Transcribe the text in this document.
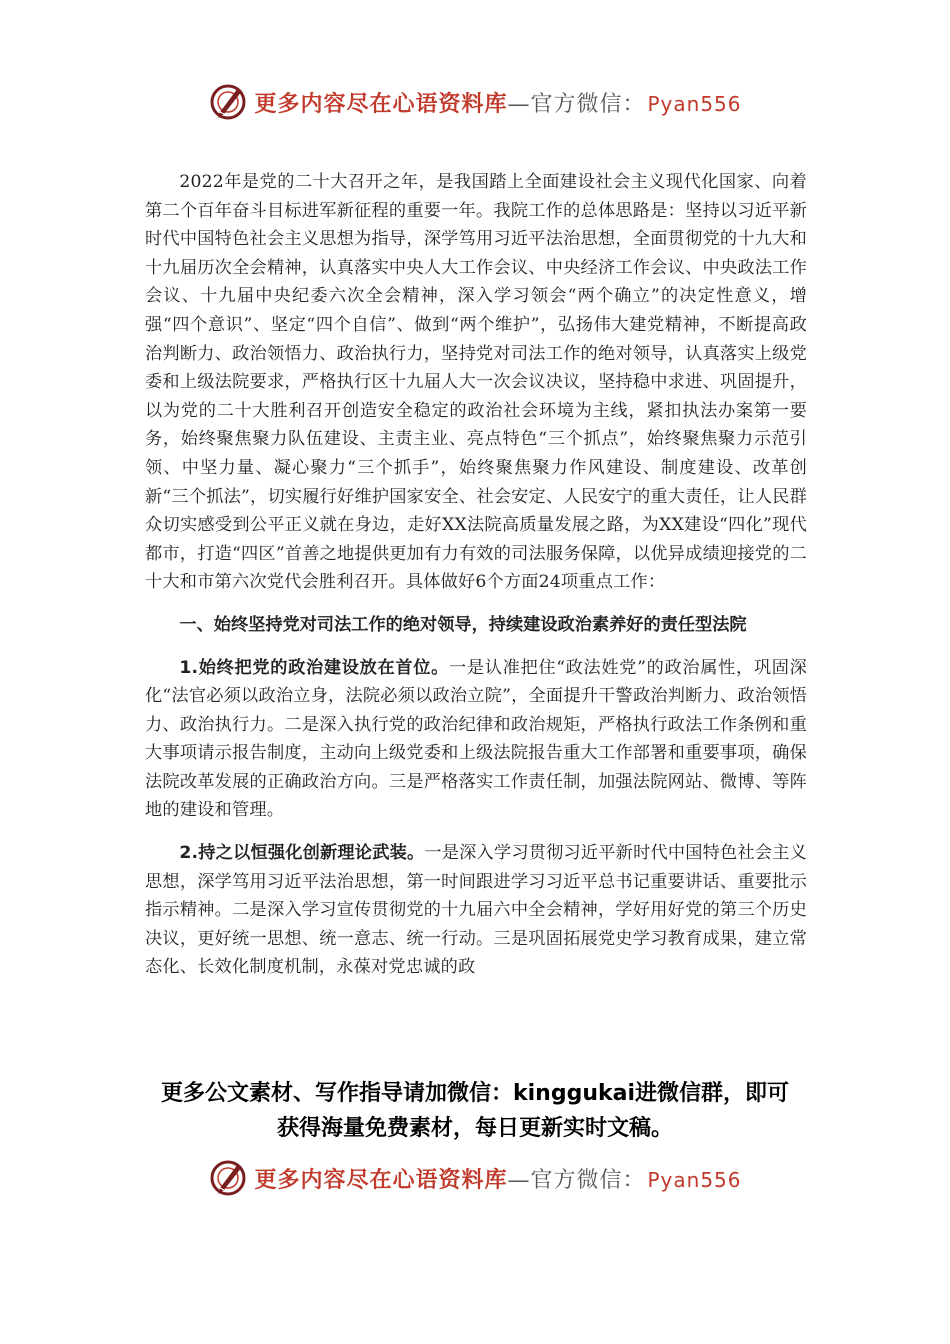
更多内容尽在心语资料库—官方微信： Pyan556

2022年是党的二十大召开之年，是我国踏上全面建设社会主义现代化国家、向着第二个百年奋斗目标进军新征程的重要一年。我院工作的总体思路是：坚持以习近平新时代中国特色社会主义思想为指导，深学笃用习近平法治思想，全面贯彻党的十九大和十九届历次全会精神，认真落实中央人大工作会议、中央经济工作会议、中央政法工作会议、十九届中央纪委六次全会精神，深入学习领会“两个确立”的决定性意义，增强“四个意识”、坚定“四个自信”、做到“两个维护”，弘扬伟大建党精神，不断提高政治判断力、政治领悟力、政治执行力，坚持党对司法工作的绝对领导，认真落实上级党委和上级法院要求，严格执行区十九届人大一次会议决议，坚持稳中求进、巩固提升，以为党的二十大胜利召开创造安全稳定的政治社会环境为主线，紧扣执法办案第一要务，始终聚焦聚力队伍建设、主责主业、亮点特色“三个抓点”，始终聚焦聚力示范引领、中坚力量、凝心聚力“三个抓手”，始终聚焦聚力作风建设、制度建设、改革创新“三个抓法”，切实履行好维护国家安全、社会安定、人民安宁的重大责任，让人民群众切实感受到公平正义就在身边，走好XX法院高质量发展之路，为XX建设“四化”现代都市，打造“四区”首善之地提供更加有力有效的司法服务保障，以优异成绩迎接党的二十大和市第六次党代会胜利召开。具体做好6个方面24项重点工作：

一、始终坚持党对司法工作的绝对领导，持续建设政治素养好的责任型法院

1.始终把党的政治建设放在首位。一是认准把住“政法姓党”的政治属性，巩固深化“法官必须以政治立身，法院必须以政治立院”，全面提升干警政治判断力、政治领悟力、政治执行力。二是深入执行党的政治纪律和政治规矩，严格执行政法工作条例和重大事项请示报告制度，主动向上级党委和上级法院报告重大工作部署和重要事项，确保法院改革发展的正确政治方向。三是严格落实工作责任制，加强法院网站、微博、等阵地的建设和管理。

2.持之以恒强化创新理论武装。一是深入学习贯彻习近平新时代中国特色社会主义思想，深学笃用习近平法治思想，第一时间跟进学习习近平总书记重要讲话、重要批示指示精神。二是深入学习宣传贯彻党的十九届六中全会精神，学好用好党的第三个历史决议，更好统一思想、统一意志、统一行动。三是巩固拓展党史学习教育成果，建立常态化、长效化制度机制，永葆对党忠诚的政

更多公文素材、写作指导请加微信：kinggukai进微信群，即可
获得海量免费素材，每日更新实时文稿。
更多内容尽在心语资料库—官方微信： Pyan556
